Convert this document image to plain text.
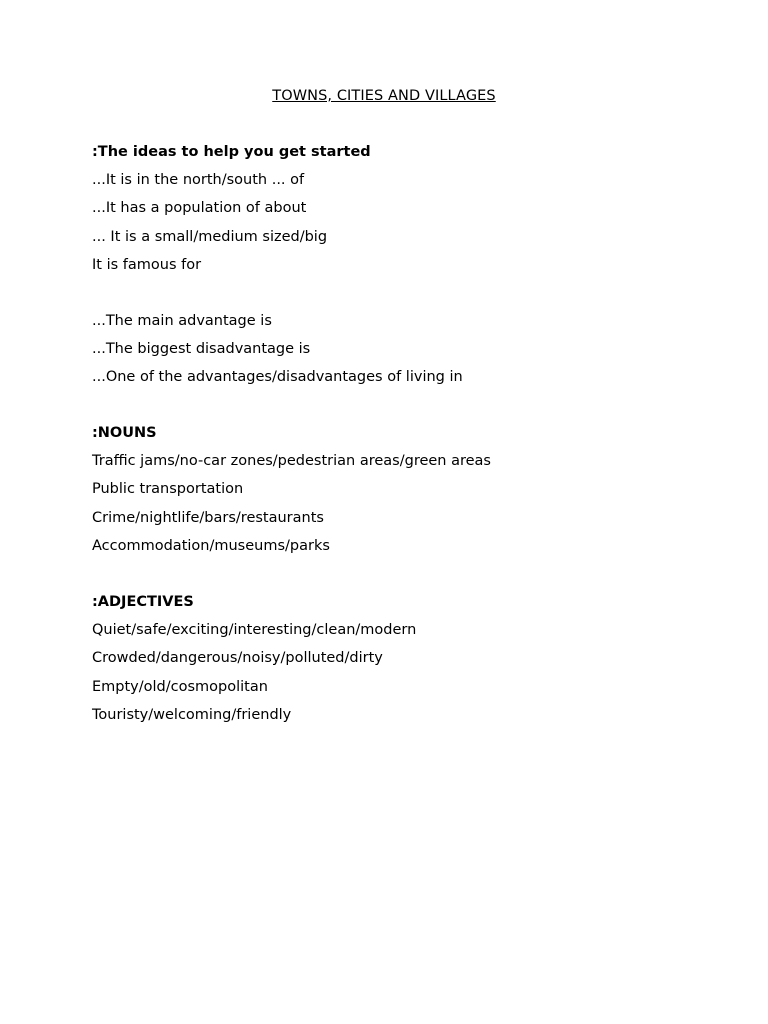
TOWNS, CITIES AND VILLAGES
:The ideas to help you get started
...It is in the north/south ... of
...It has a population of about
... It is a small/medium sized/big
It is famous for
...The main advantage is
...The biggest disadvantage is
...One of the advantages/disadvantages of living in
:NOUNS
Traffic jams/no-car zones/pedestrian areas/green areas
Public transportation
Crime/nightlife/bars/restaurants
Accommodation/museums/parks
:ADJECTIVES
Quiet/safe/exciting/interesting/clean/modern
Crowded/dangerous/noisy/polluted/dirty
Empty/old/cosmopolitan
Touristy/welcoming/friendly
